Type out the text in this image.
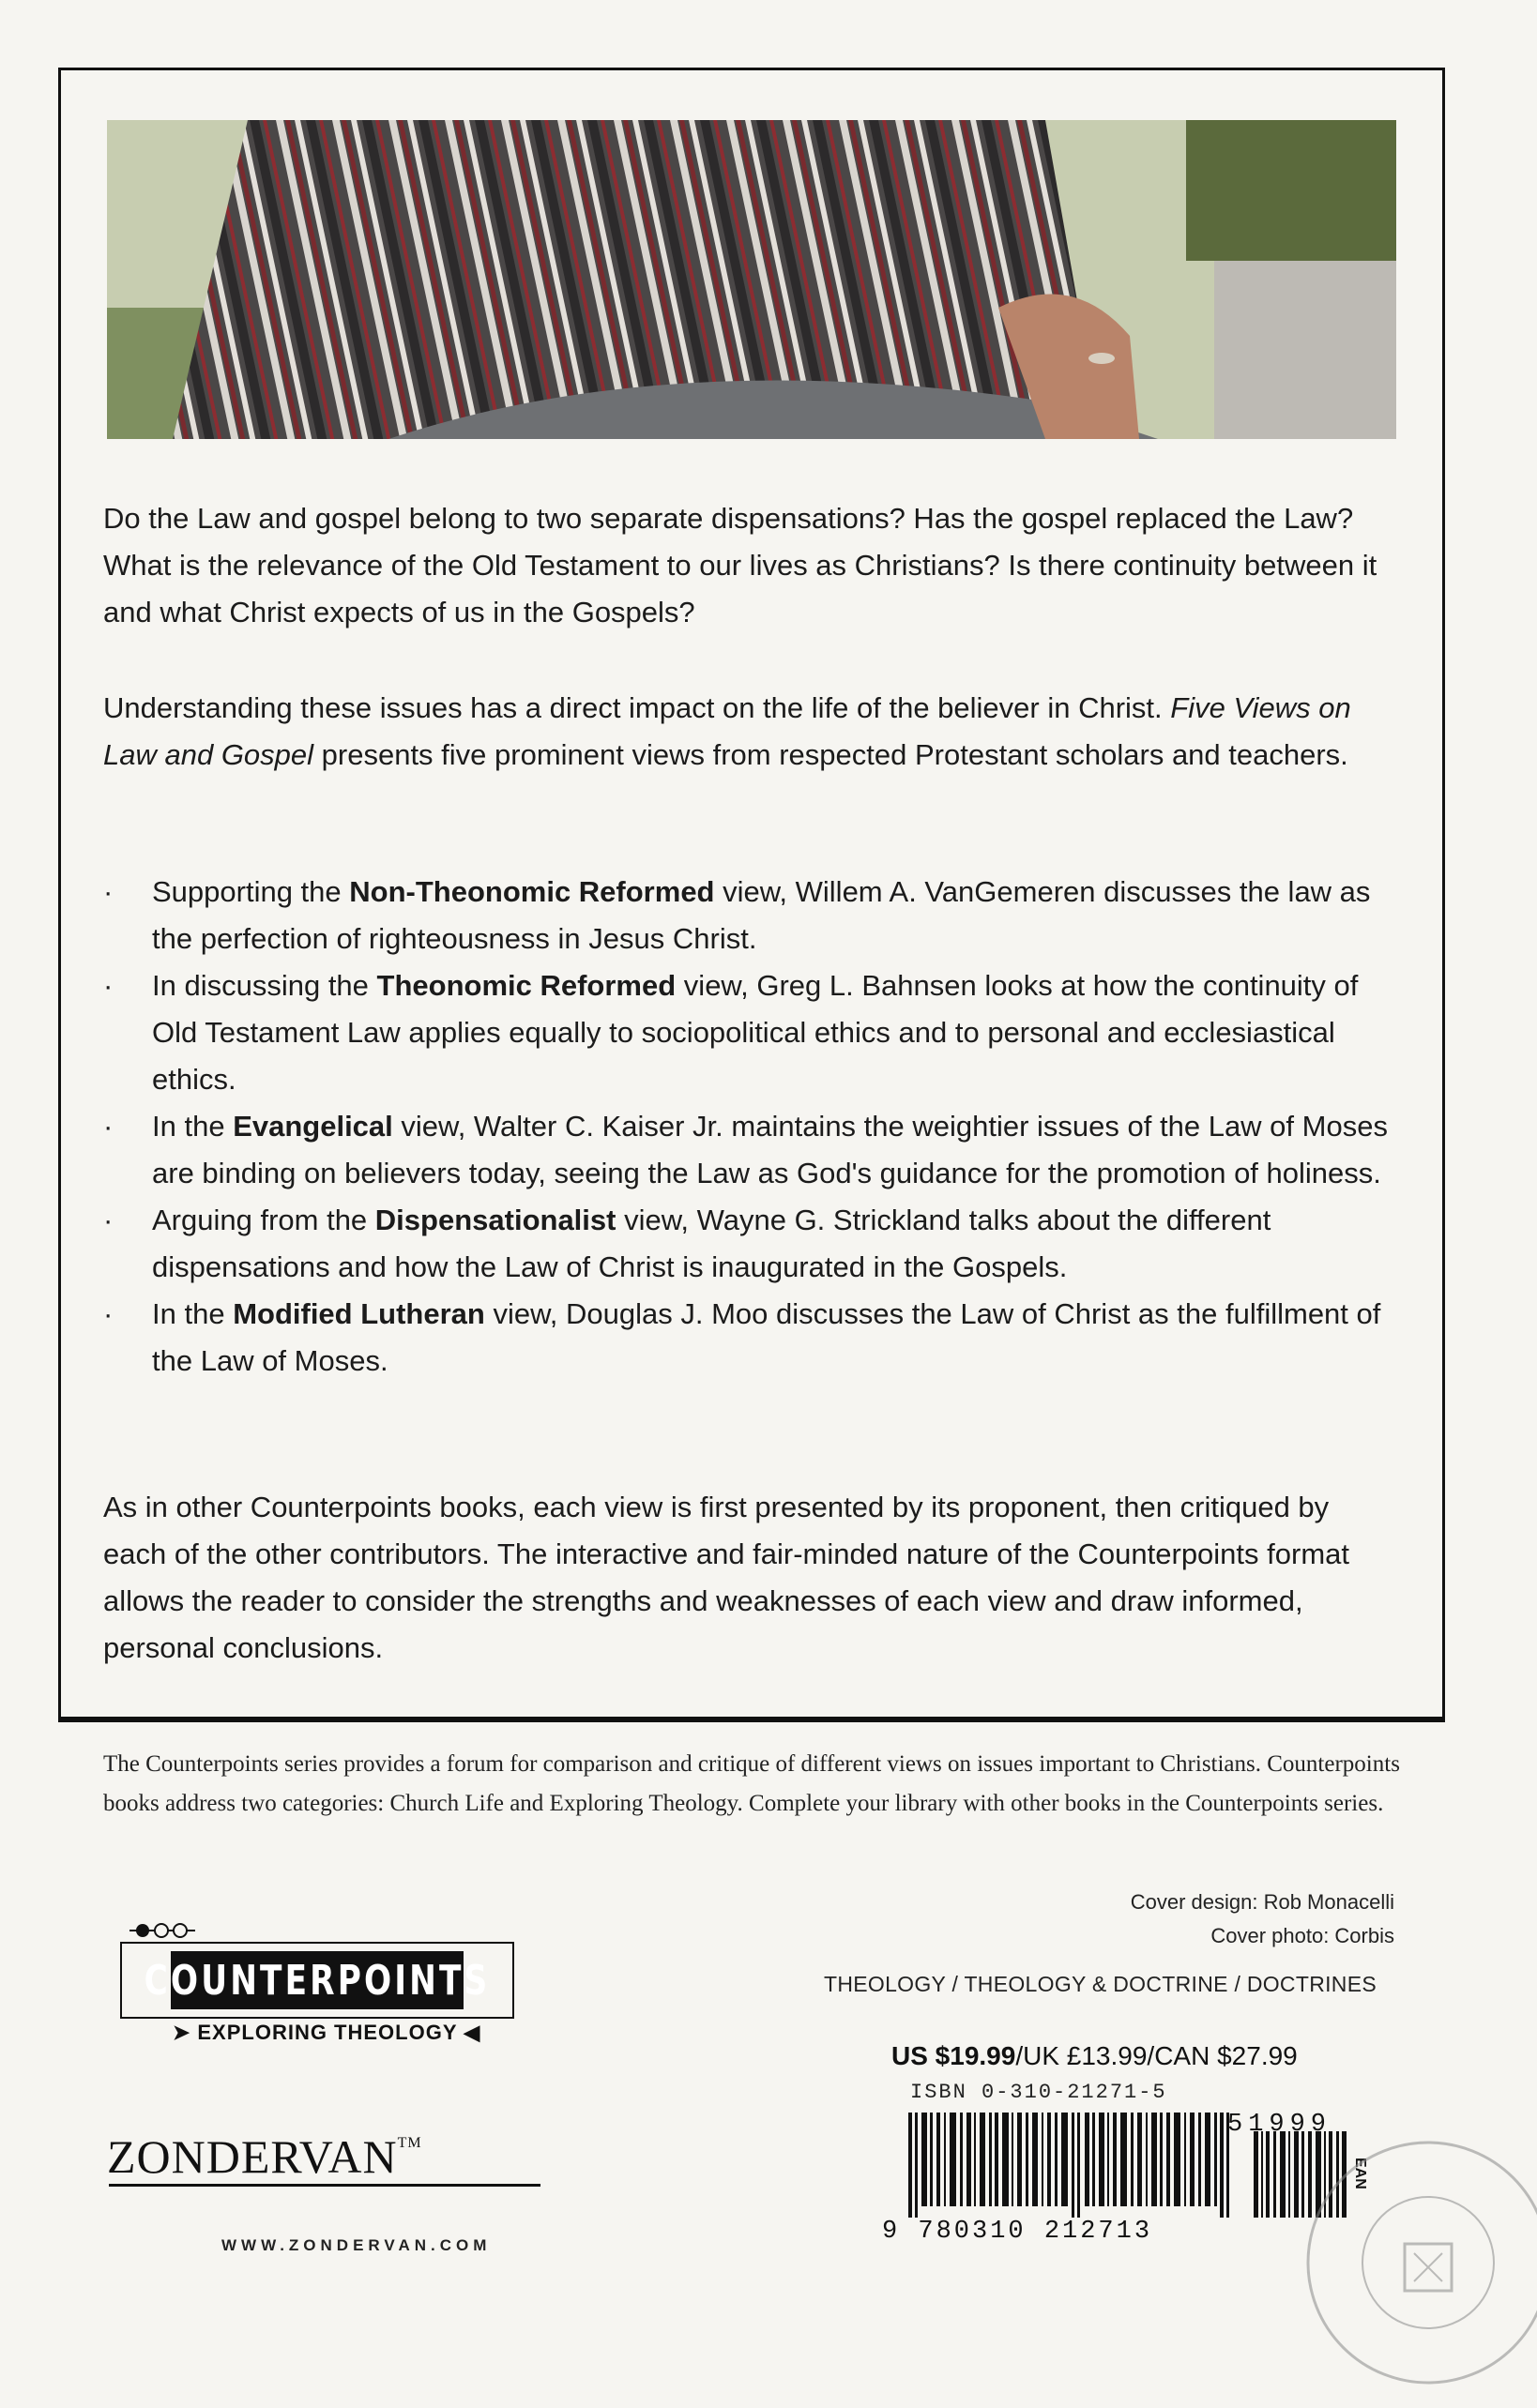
Do the Law and gospel belong to two separate dispensations? Has the gospel replaced the Law? What is the relevance of the Old Testament to our lives as Christians? Is there continuity between it and what Christ expects of us in the Gospels?

Understanding these issues has a direct impact on the life of the believer in Christ. Five Views on Law and Gospel presents five prominent views from respected Protestant scholars and teachers.

· Supporting the Non-Theonomic Reformed view, Willem A. VanGemeren discusses the law as the perfection of righteousness in Jesus Christ.
· In discussing the Theonomic Reformed view, Greg L. Bahnsen looks at how the continuity of Old Testament Law applies equally to sociopolitical ethics and to personal and ecclesiastical ethics.
· In the Evangelical view, Walter C. Kaiser Jr. maintains the weightier issues of the Law of Moses are binding on believers today, seeing the Law as God's guidance for the promotion of holiness.
· Arguing from the Dispensationalist view, Wayne G. Strickland talks about the different dispensations and how the Law of Christ is inaugurated in the Gospels.
· In the Modified Lutheran view, Douglas J. Moo discusses the Law of Christ as the fulfillment of the Law of Moses.

As in other Counterpoints books, each view is first presented by its proponent, then critiqued by each of the other contributors. The interactive and fair-minded nature of the Counterpoints format allows the reader to consider the strengths and weaknesses of each view and draw informed, personal conclusions.

The Counterpoints series provides a forum for comparison and critique of different views on issues important to Christians. Counterpoints books address two categories: Church Life and Exploring Theology. Complete your library with other books in the Counterpoints series.
Cover design: Rob Monacelli
Cover photo: Corbis
THEOLOGY / THEOLOGY & DOCTRINE / DOCTRINES
US $19.99/UK £13.99/CAN $27.99
ISBN 0-310-21271-5
9 780310 212713
51999
EAN
COUNTERPOINTS
➤ EXPLORING THEOLOGY ◀
ZONDERVAN™
WWW.ZONDERVAN.COM
